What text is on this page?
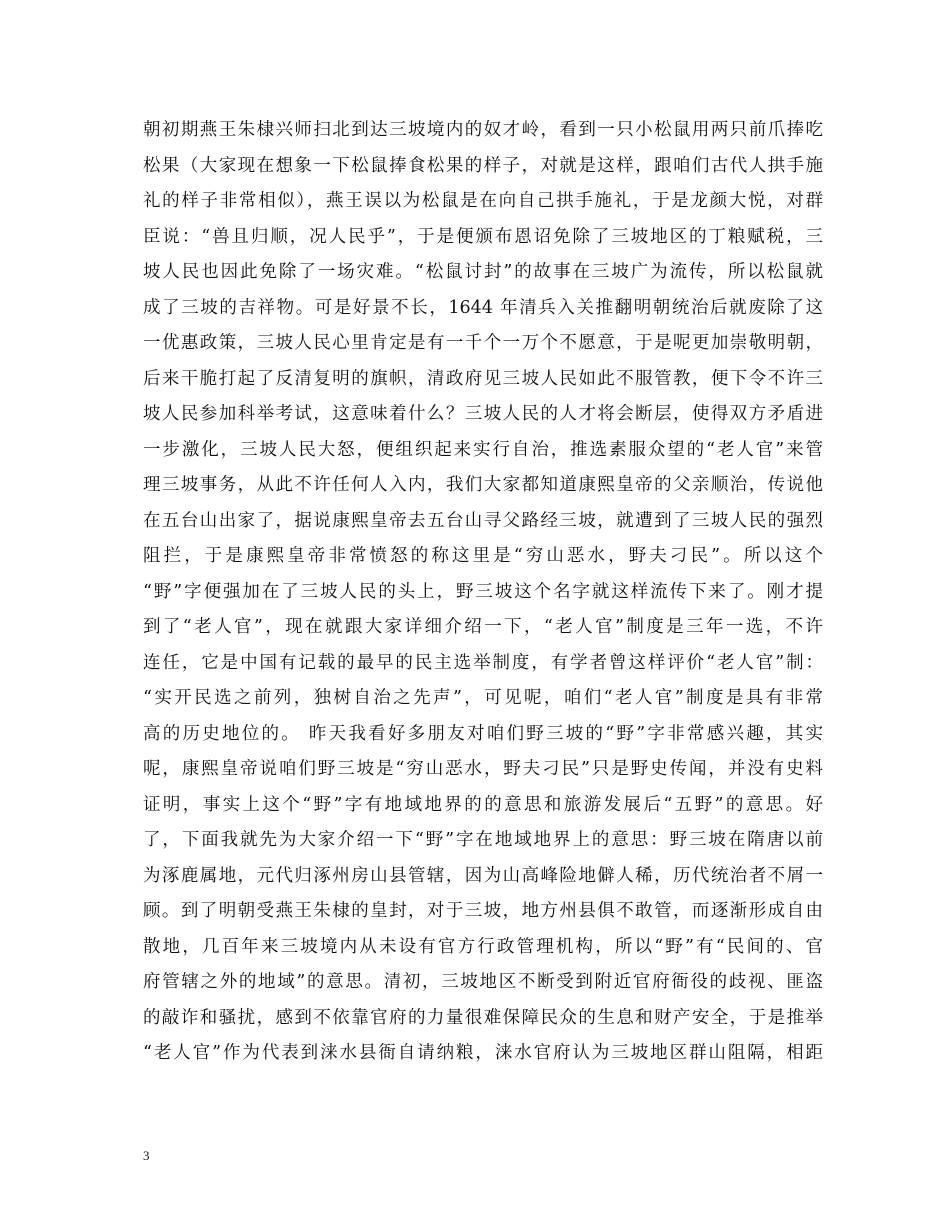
朝初期燕王朱棣兴师扫北到达三坡境内的奴才岭，看到一只小松鼠用两只前爪捧吃
松果（大家现在想象一下松鼠捧食松果的样子，对就是这样，跟咱们古代人拱手施
礼的样子非常相似），燕王误以为松鼠是在向自己拱手施礼，于是龙颜大悦，对群
臣说：“兽且归顺，况人民乎”，于是便颁布恩诏免除了三坡地区的丁粮赋税，三
坡人民也因此免除了一场灾难。“松鼠讨封”的故事在三坡广为流传，所以松鼠就
成了三坡的吉祥物。可是好景不长，1644 年清兵入关推翻明朝统治后就废除了这
一优惠政策，三坡人民心里肯定是有一千个一万个不愿意，于是呢更加崇敬明朝，
后来干脆打起了反清复明的旗帜，清政府见三坡人民如此不服管教，便下令不许三
坡人民参加科举考试，这意味着什么？三坡人民的人才将会断层，使得双方矛盾进
一步激化，三坡人民大怒，便组织起来实行自治，推选素服众望的“老人官”来管
理三坡事务，从此不许任何人入内，我们大家都知道康熙皇帝的父亲顺治，传说他
在五台山出家了，据说康熙皇帝去五台山寻父路经三坡，就遭到了三坡人民的强烈
阻拦，于是康熙皇帝非常愤怒的称这里是“穷山恶水，野夫刁民”。所以这个
“野”字便强加在了三坡人民的头上，野三坡这个名字就这样流传下来了。刚才提
到了“老人官”，现在就跟大家详细介绍一下，“老人官”制度是三年一选，不许
连任，它是中国有记载的最早的民主选举制度，有学者曾这样评价“老人官”制：
“实开民选之前列，独树自治之先声”，可见呢，咱们“老人官”制度是具有非常
高的历史地位的。 昨天我看好多朋友对咱们野三坡的“野”字非常感兴趣，其实
呢，康熙皇帝说咱们野三坡是“穷山恶水，野夫刁民”只是野史传闻，并没有史料
证明，事实上这个“野”字有地域地界的的意思和旅游发展后“五野”的意思。好
了，下面我就先为大家介绍一下“野”字在地域地界上的意思：野三坡在隋唐以前
为涿鹿属地，元代归涿州房山县管辖，因为山高峰险地僻人稀，历代统治者不屑一
顾。到了明朝受燕王朱棣的皇封，对于三坡，地方州县俱不敢管，而逐渐形成自由
散地，几百年来三坡境内从未设有官方行政管理机构，所以“野”有“民间的、官
府管辖之外的地域”的意思。清初，三坡地区不断受到附近官府衙役的歧视、匪盗
的敲诈和骚扰，感到不依靠官府的力量很难保障民众的生息和财产安全，于是推举
“老人官”作为代表到涞水县衙自请纳粮，涞水官府认为三坡地区群山阻隔，相距
3
